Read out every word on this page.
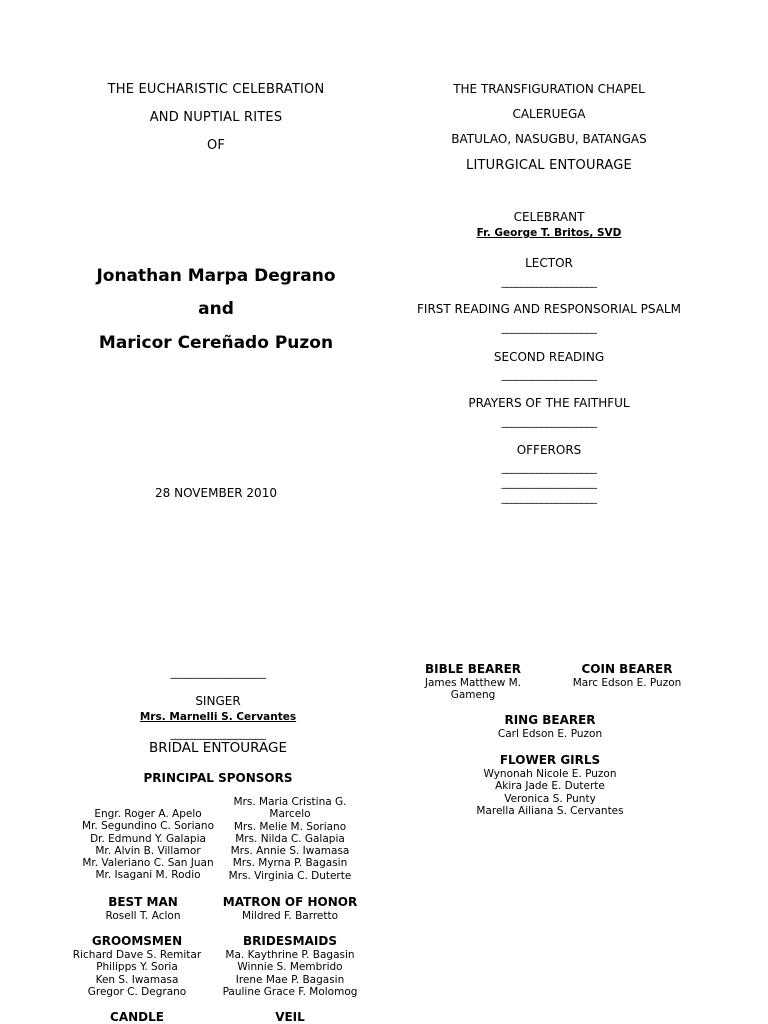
THE EUCHARISTIC CELEBRATION
AND NUPTIAL RITES
OF
Jonathan Marpa Degrano
and
Maricor Cereñado Puzon
28 NOVEMBER 2010
THE TRANSFIGURATION CHAPEL
CALERUEGA
BATULAO, NASUGBU, BATANGAS
LITURGICAL ENTOURAGE
CELEBRANT
Fr. George T. Britos, SVD
LECTOR
___________________
FIRST READING AND RESPONSORIAL PSALM
___________________
SECOND READING
___________________
PRAYERS OF THE FAITHFUL
___________________
OFFERORS
___________________
___________________
___________________
___________________
SINGER
Mrs. Marnelli S. Cervantes
___________________
BRIDAL ENTOURAGE
PRINCIPAL SPONSORS
Engr. Roger A. Apelo
Mr. Segundino C. Soriano
Dr. Edmund Y. Galapia
Mr. Alvin B. Villamor
Mr. Valeriano C. San Juan
Mr. Isagani M. Rodio
Mrs. Maria Cristina G.
Marcelo
Mrs. Melie M. Soriano
Mrs. Nilda C. Galapia
Mrs. Annie S. Iwamasa
Mrs. Myrna P. Bagasin
Mrs. Virginia C. Duterte
BEST MAN
Rosell T. Aclon
MATRON OF HONOR
Mildred F. Barretto
GROOMSMEN
Richard Dave S. Remitar
Philipps Y. Soria
Ken S. Iwamasa
Gregor C. Degrano
BRIDESMAIDS
Ma. Kaythrine P. Bagasin
Winnie S. Membrido
Irene Mae P. Bagasin
Pauline Grace F. Molomog
CANDLE	VEIL
BIBLE BEARER
James Matthew M.
Gameng
COIN BEARER
Marc Edson E. Puzon
RING BEARER
Carl Edson E. Puzon
FLOWER GIRLS
Wynonah Nicole E. Puzon
Akira Jade E. Duterte
Veronica S. Punty
Marella Ailiana S. Cervantes
